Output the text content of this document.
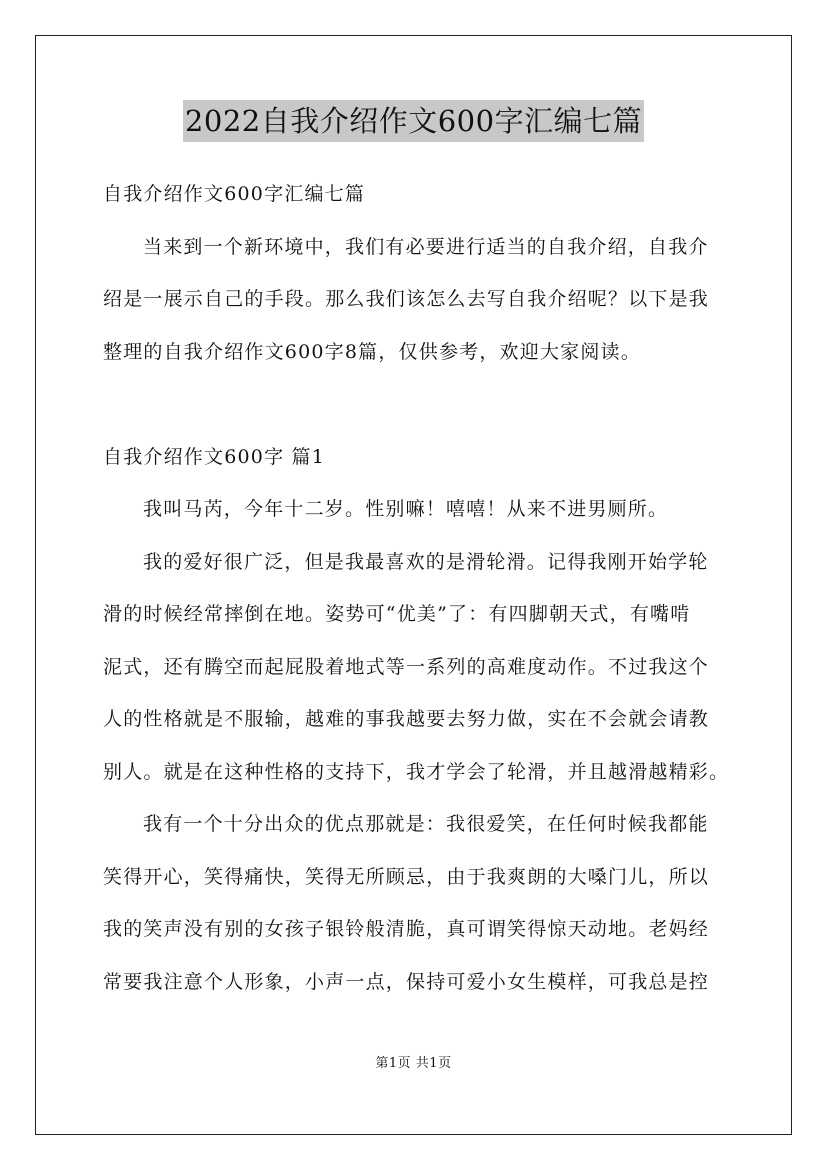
2022自我介绍作文600字汇编七篇
自我介绍作文600字汇编七篇
当来到一个新环境中，我们有必要进行适当的自我介绍，自我介
绍是一展示自己的手段。那么我们该怎么去写自我介绍呢？以下是我
整理的自我介绍作文600字8篇，仅供参考，欢迎大家阅读。
自我介绍作文600字 篇1
我叫马芮，今年十二岁。性别嘛！嘻嘻！从来不进男厕所。
我的爱好很广泛，但是我最喜欢的是滑轮滑。记得我刚开始学轮
滑的时候经常摔倒在地。姿势可“优美”了：有四脚朝天式，有嘴啃
泥式，还有腾空而起屁股着地式等一系列的高难度动作。不过我这个
人的性格就是不服输，越难的事我越要去努力做，实在不会就会请教
别人。就是在这种性格的支持下，我才学会了轮滑，并且越滑越精彩。
我有一个十分出众的优点那就是：我很爱笑，在任何时候我都能
笑得开心，笑得痛快，笑得无所顾忌，由于我爽朗的大嗓门儿，所以
我的笑声没有别的女孩子银铃般清脆，真可谓笑得惊天动地。老妈经
常要我注意个人形象，小声一点，保持可爱小女生模样，可我总是控
第1页 共1页
